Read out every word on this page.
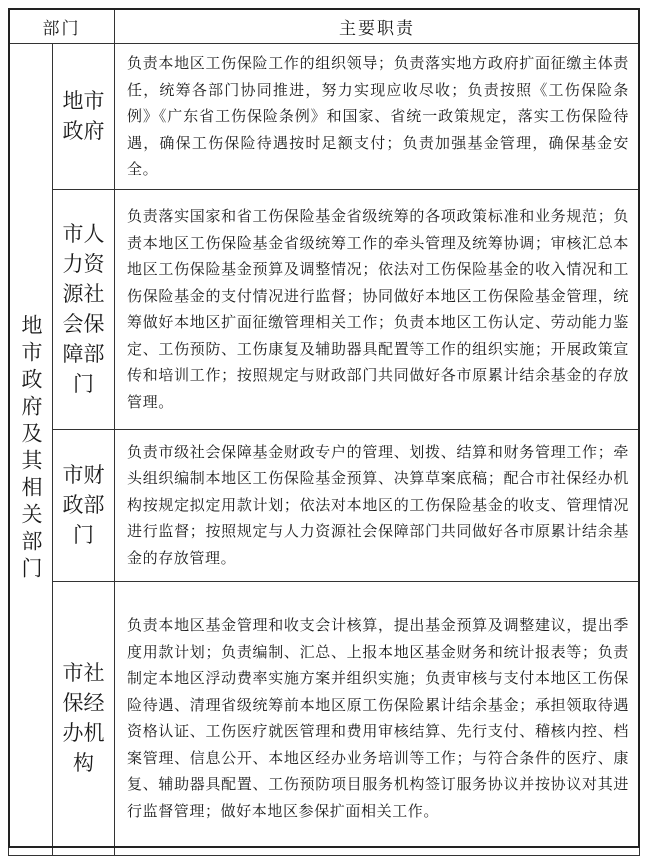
部门		主要职责

地市政府及其相关部门	地市政府	负责本地区工伤保险工作的组织领导；负责落实地方政府扩面征缴主体责任，统筹各部门协同推进，努力实现应收尽收；负责按照《工伤保险条例》《广东省工伤保险条例》和国家、省统一政策规定，落实工伤保险待遇，确保工伤保险待遇按时足额支付；负责加强基金管理，确保基金安全。
	市人力资源社会保障部门	负责落实国家和省工伤保险基金省级统筹的各项政策标准和业务规范；负责本地区工伤保险基金省级统筹工作的牵头管理及统筹协调；审核汇总本地区工伤保险基金预算及调整情况；依法对工伤保险基金的收入情况和工伤保险基金的支付情况进行监督；协同做好本地区工伤保险基金管理，统筹做好本地区扩面征缴管理相关工作；负责本地区工伤认定、劳动能力鉴定、工伤预防、工伤康复及辅助器具配置等工作的组织实施；开展政策宣传和培训工作；按照规定与财政部门共同做好各市原累计结余基金的存放管理。
	市财政部门	负责市级社会保障基金财政专户的管理、划拨、结算和财务管理工作；牵头组织编制本地区工伤保险基金预算、决算草案底稿；配合市社保经办机构按规定拟定用款计划；依法对本地区的工伤保险基金的收支、管理情况进行监督；按照规定与人力资源社会保障部门共同做好各市原累计结余基金的存放管理。
	市社保经办机构	负责本地区基金管理和收支会计核算，提出基金预算及调整建议，提出季度用款计划；负责编制、汇总、上报本地区基金财务和统计报表等；负责制定本地区浮动费率实施方案并组织实施；负责审核与支付本地区工伤保险待遇、清理省级统筹前本地区原工伤保险累计结余基金；承担领取待遇资格认证、工伤医疗就医管理和费用审核结算、先行支付、稽核内控、档案管理、信息公开、本地区经办业务培训等工作；与符合条件的医疗、康复、辅助器具配置、工伤预防项目服务机构签订服务协议并按协议对其进行监督管理；做好本地区参保扩面相关工作。
